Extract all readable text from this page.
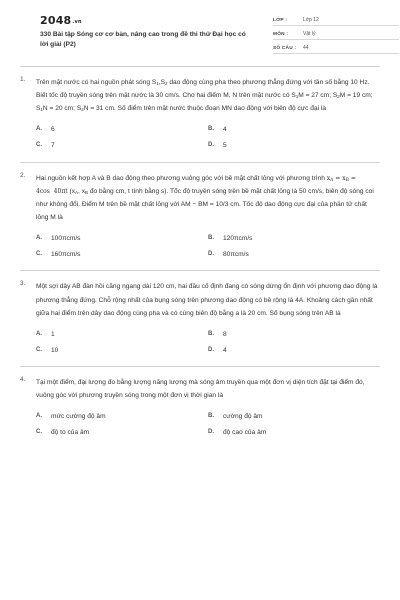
2048.vn
330 Bài tập Sóng cơ cơ bản, nâng cao trong đề thi thử Đại học có lời giải (P2)
LỚP :	Lớp 12
MÔN :	Vật lý
SỐ CÂU :	44
1. Trên mặt nước có hai nguồn phát sóng $S_1,S_2$ dao động cùng pha theo phương thẳng đứng với tần số bằng 10 Hz. Biết tốc độ truyền sóng trên mặt nước là 30 cm/s. Cho hai điểm M, N trên mặt nước có $S_1M = 27$ cm; $S_2M = 19$ cm; $S_1N = 20$ cm; $S_2N = 31$ cm. Số điểm trên mặt nước thuộc đoạn MN dao động với biên độ cực đại là
A.	6	B.	4
C.	7	D.	5
2. Hai nguồn kết hợp A và B dao động theo phương vuông góc với bề mặt chất lỏng với phương trình $x_A = x_B = 4\cos$  40πt ($x_A$, $x_B$ đo bằng cm, t tính bằng s). Tốc độ truyền sóng trên bề mặt chất lỏng là 50 cm/s, biên độ sóng coi như không đổi. Điểm M trên bề mặt chất lỏng với AM − BM = 10/3 cm. Tốc độ dao động cực đại của phần tử chất lỏng M là
A.	100πcm/s	B.	120πcm/s
C.	160πcm/s	D.	80πcm/s
3. Một sợi dây AB đàn hồi căng ngang dài 120 cm, hai đầu cố định đang có sóng dừng ổn định với phương dao động là phương thẳng đứng. Chỗ rộng nhất của bụng sóng trên phương dao động có bề rộng là 4A. Khoảng cách gần nhất giữa hai điểm trên dây dao động cùng pha và có cùng biên độ bằng a là 20 cm. Số bụng sóng trên AB là
A.	1	B.	8
C.	10	D.	4
4. Tại một điểm, đại lượng đo bằng lượng năng lượng mà sóng âm truyền qua một đơn vị diện tích đặt tại điểm đó, vuông góc với phương truyền sóng trong một đơn vị thời gian là
A.	mức cường độ âm	B.	cường độ âm
C.	độ to của âm	D.	độ cao của âm
